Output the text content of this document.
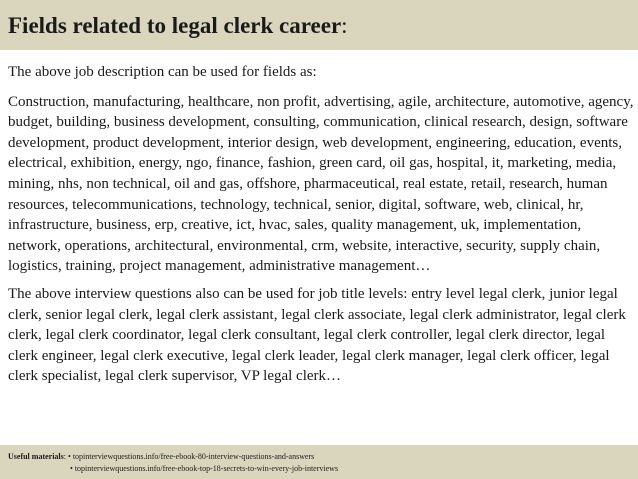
Fields related to legal clerk career:

The above job description can be used for fields as:

Construction, manufacturing, healthcare, non profit, advertising, agile, architecture, automotive, agency, budget, building, business development, consulting, communication, clinical research, design, software development, product development, interior design, web development, engineering, education, events, electrical, exhibition, energy, ngo, finance, fashion, green card, oil gas, hospital, it, marketing, media, mining, nhs, non technical, oil and gas, offshore, pharmaceutical, real estate, retail, research, human resources, telecommunications, technology, technical, senior, digital, software, web, clinical, hr, infrastructure, business, erp, creative, ict, hvac, sales, quality management, uk, implementation, network, operations, architectural, environmental, crm, website, interactive, security, supply chain, logistics, training, project management, administrative management…

The above interview questions also can be used for job title levels: entry level legal clerk, junior legal clerk, senior legal clerk, legal clerk assistant, legal clerk associate, legal clerk administrator, legal clerk clerk, legal clerk coordinator, legal clerk consultant, legal clerk controller, legal clerk director, legal clerk engineer, legal clerk executive, legal clerk leader, legal clerk manager, legal clerk officer, legal clerk specialist, legal clerk supervisor, VP legal clerk…

Useful materials: • topinterviewquestions.info/free-ebook-80-interview-questions-and-answers
• topinterviewquestions.info/free-ebook-top-18-secrets-to-win-every-job-interviews
